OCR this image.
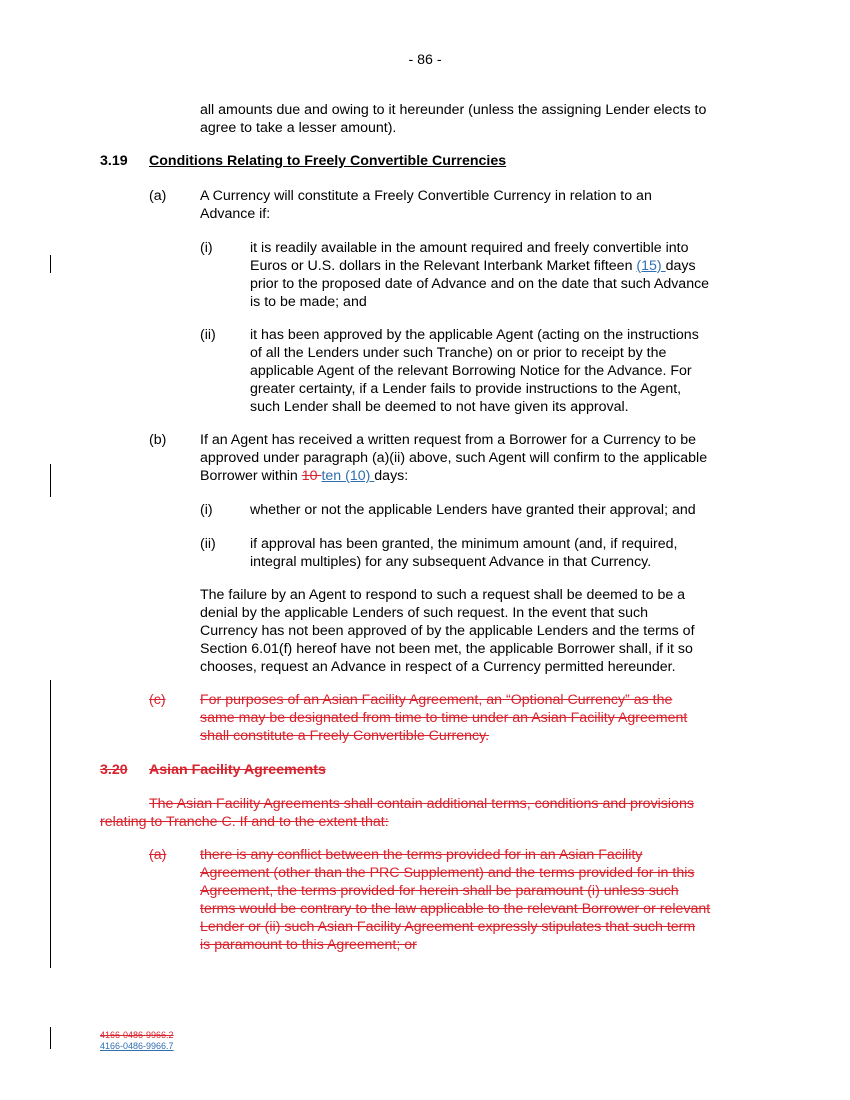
- 86 -
all amounts due and owing to it hereunder (unless the assigning Lender elects to
agree to take a lesser amount).
3.19 Conditions Relating to Freely Convertible Currencies
(a) A Currency will constitute a Freely Convertible Currency in relation to an
Advance if:
(i)	it is readily available in the amount required and freely convertible into
Euros or U.S. dollars in the Relevant Interbank Market fifteen (15) days
prior to the proposed date of Advance and on the date that such Advance
is to be made; and
(ii) it has been approved by the applicable Agent (acting on the instructions
of all the Lenders under such Tranche) on or prior to receipt by the
applicable Agent of the relevant Borrowing Notice for the Advance. For
greater certainty, if a Lender fails to provide instructions to the Agent,
such Lender shall be deemed to not have given its approval.
(b) If an Agent has received a written request from a Borrower for a Currency to be
approved under paragraph (a)(ii) above, such Agent will confirm to the applicable
Borrower within 10 ten (10) days:
(i)	whether or not the applicable Lenders have granted their approval; and
(ii) if approval has been granted, the minimum amount (and, if required,
integral multiples) for any subsequent Advance in that Currency.
The failure by an Agent to respond to such a request shall be deemed to be a
denial by the applicable Lenders of such request. In the event that such
Currency has not been approved of by the applicable Lenders and the terms of
Section 6.01(f) hereof have not been met, the applicable Borrower shall, if it so
chooses, request an Advance in respect of a Currency permitted hereunder.
(c) For purposes of an Asian Facility Agreement, an “Optional Currency” as the
same may be designated from time to time under an Asian Facility Agreement
shall constitute a Freely Convertible Currency.
3.20 Asian Facility Agreements
The Asian Facility Agreements shall contain additional terms, conditions and provisions
relating to Tranche C. If and to the extent that:
(a) there is any conflict between the terms provided for in an Asian Facility
Agreement (other than the PRC Supplement) and the terms provided for in this
Agreement, the terms provided for herein shall be paramount (i) unless such
terms would be contrary to the law applicable to the relevant Borrower or relevant
Lender or (ii) such Asian Facility Agreement expressly stipulates that such term
is paramount to this Agreement; or
4166-0486-9966.2
4166-0486-9966.7
